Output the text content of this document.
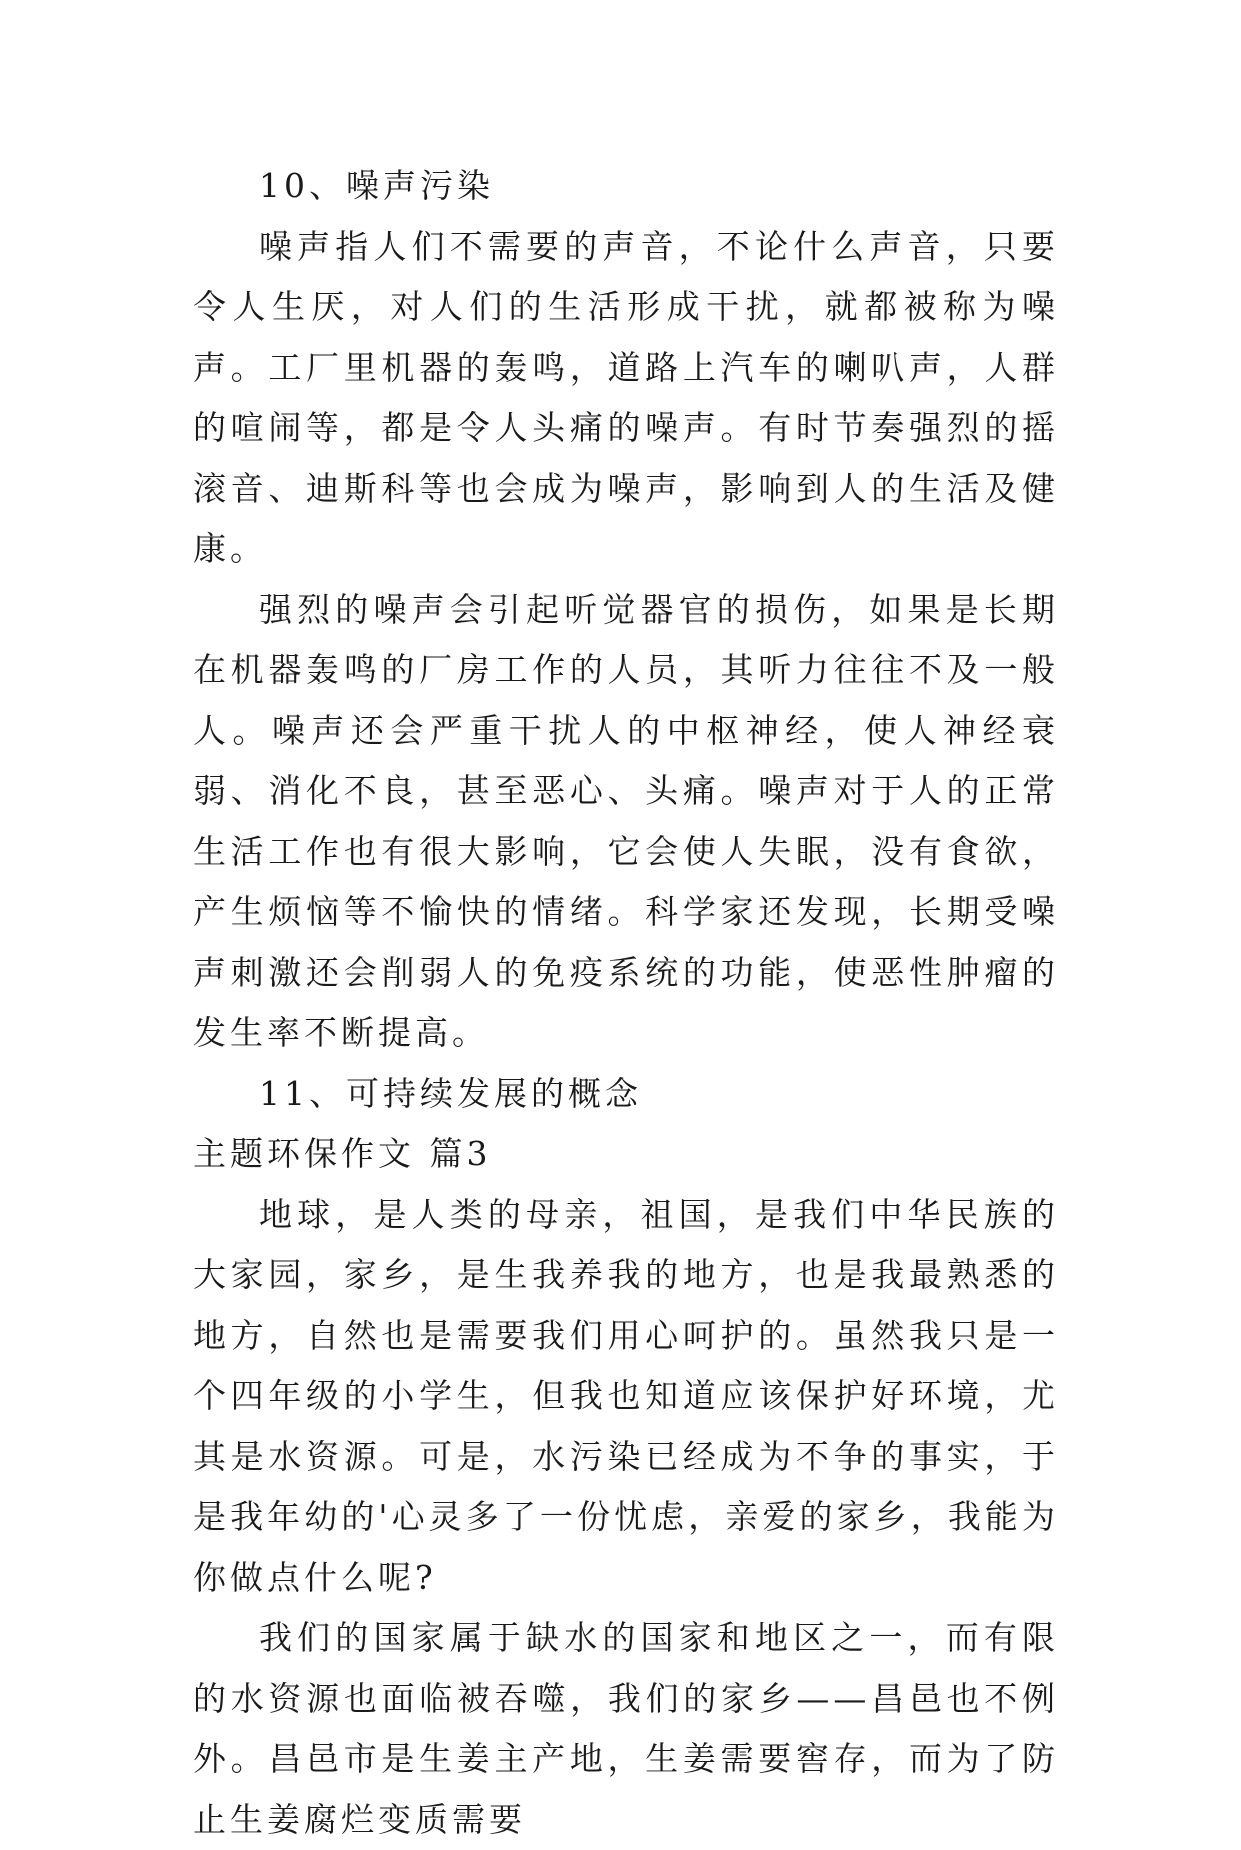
10、噪声污染

噪声指人们不需要的声音，不论什么声音，只要令人生厌，对人们的生活形成干扰，就都被称为噪声。工厂里机器的轰鸣，道路上汽车的喇叭声，人群的喧闹等，都是令人头痛的噪声。有时节奏强烈的摇滚音、迪斯科等也会成为噪声，影响到人的生活及健康。

强烈的噪声会引起听觉器官的损伤，如果是长期在机器轰鸣的厂房工作的人员，其听力往往不及一般人。噪声还会严重干扰人的中枢神经，使人神经衰弱、消化不良，甚至恶心、头痛。噪声对于人的正常生活工作也有很大影响，它会使人失眠，没有食欲，产生烦恼等不愉快的情绪。科学家还发现，长期受噪声刺激还会削弱人的免疫系统的功能，使恶性肿瘤的发生率不断提高。

11、可持续发展的概念

主题环保作文 篇3

地球，是人类的母亲，祖国，是我们中华民族的大家园，家乡，是生我养我的地方，也是我最熟悉的地方，自然也是需要我们用心呵护的。虽然我只是一个四年级的小学生，但我也知道应该保护好环境，尤其是水资源。可是，水污染已经成为不争的事实，于是我年幼的'心灵多了一份忧虑，亲爱的家乡，我能为你做点什么呢?

我们的国家属于缺水的国家和地区之一，而有限的水资源也面临被吞噬，我们的家乡——昌邑也不例外。昌邑市是生姜主产地，生姜需要窖存，而为了防止生姜腐烂变质需要
